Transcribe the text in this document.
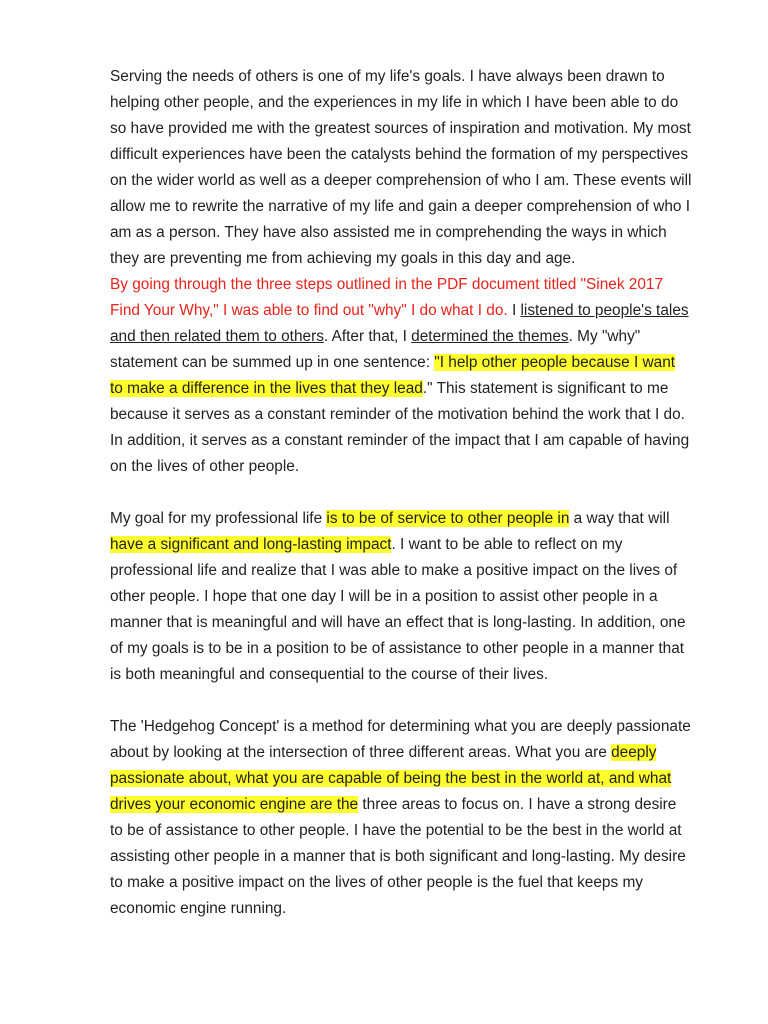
Serving the needs of others is one of my life's goals. I have always been drawn to helping other people, and the experiences in my life in which I have been able to do so have provided me with the greatest sources of inspiration and motivation. My most difficult experiences have been the catalysts behind the formation of my perspectives on the wider world as well as a deeper comprehension of who I am. These events will allow me to rewrite the narrative of my life and gain a deeper comprehension of who I am as a person. They have also assisted me in comprehending the ways in which they are preventing me from achieving my goals in this day and age.

By going through the three steps outlined in the PDF document titled "Sinek 2017 Find Your Why," I was able to find out "why" I do what I do. I listened to people's tales and then related them to others. After that, I determined the themes. My "why" statement can be summed up in one sentence: "I help other people because I want to make a difference in the lives that they lead." This statement is significant to me because it serves as a constant reminder of the motivation behind the work that I do. In addition, it serves as a constant reminder of the impact that I am capable of having on the lives of other people.

My goal for my professional life is to be of service to other people in a way that will have a significant and long-lasting impact. I want to be able to reflect on my professional life and realize that I was able to make a positive impact on the lives of other people. I hope that one day I will be in a position to assist other people in a manner that is meaningful and will have an effect that is long-lasting. In addition, one of my goals is to be in a position to be of assistance to other people in a manner that is both meaningful and consequential to the course of their lives.

The 'Hedgehog Concept' is a method for determining what you are deeply passionate about by looking at the intersection of three different areas. What you are deeply passionate about, what you are capable of being the best in the world at, and what drives your economic engine are the three areas to focus on. I have a strong desire to be of assistance to other people. I have the potential to be the best in the world at assisting other people in a manner that is both significant and long-lasting. My desire to make a positive impact on the lives of other people is the fuel that keeps my economic engine running.
